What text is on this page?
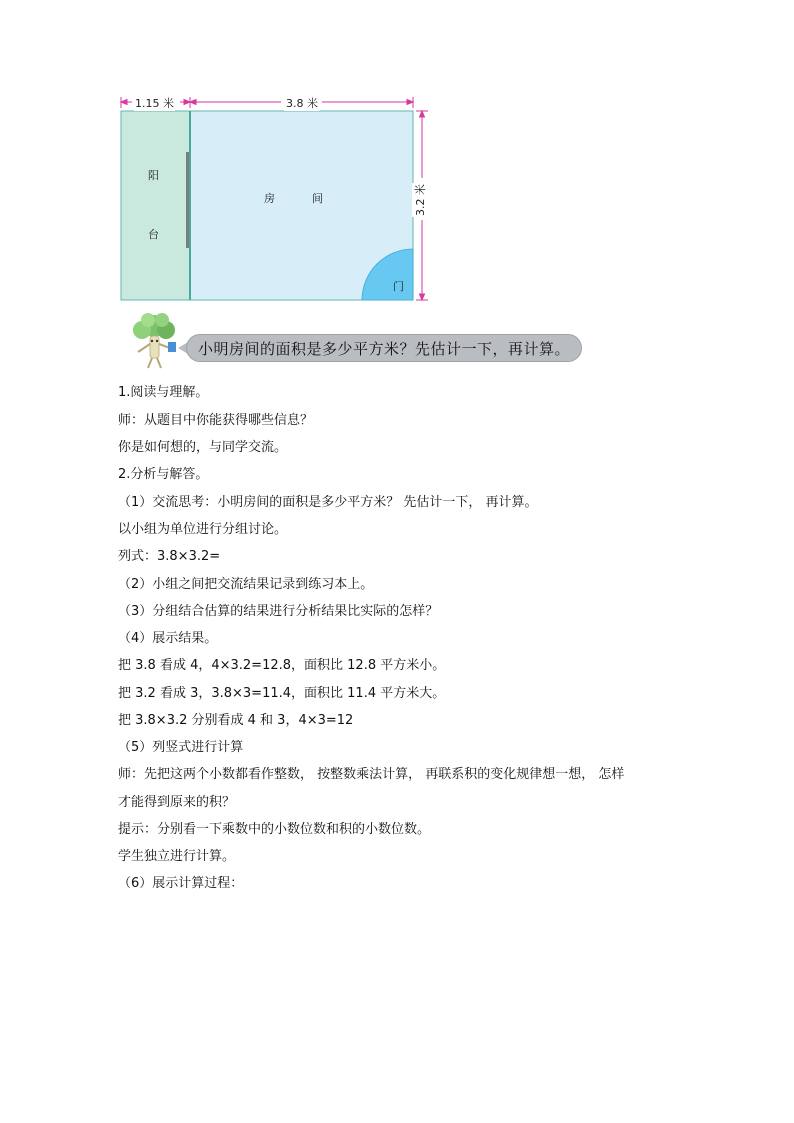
1.15 米	3.8 米
3.2 米
阳
台
房	间
门
小明房间的面积是多少平方米？先估计一下，再计算。
1.阅读与理解。
师：从题目中你能获得哪些信息？
你是如何想的，与同学交流。
2.分析与解答。
（1）交流思考：小明房间的面积是多少平方米？ 先估计一下， 再计算。
以小组为单位进行分组讨论。
列式：3.8×3.2=
（2）小组之间把交流结果记录到练习本上。
（3）分组结合估算的结果进行分析结果比实际的怎样？
（4）展示结果。
把 3.8 看成 4，4×3.2=12.8，面积比 12.8 平方米小。
把 3.2 看成 3，3.8×3=11.4，面积比 11.4 平方米大。
把 3.8×3.2 分别看成 4 和 3，4×3=12
（5）列竖式进行计算
师：先把这两个小数都看作整数， 按整数乘法计算， 再联系积的变化规律想一想， 怎样
才能得到原来的积？
提示：分别看一下乘数中的小数位数和积的小数位数。
学生独立进行计算。
（6）展示计算过程：
